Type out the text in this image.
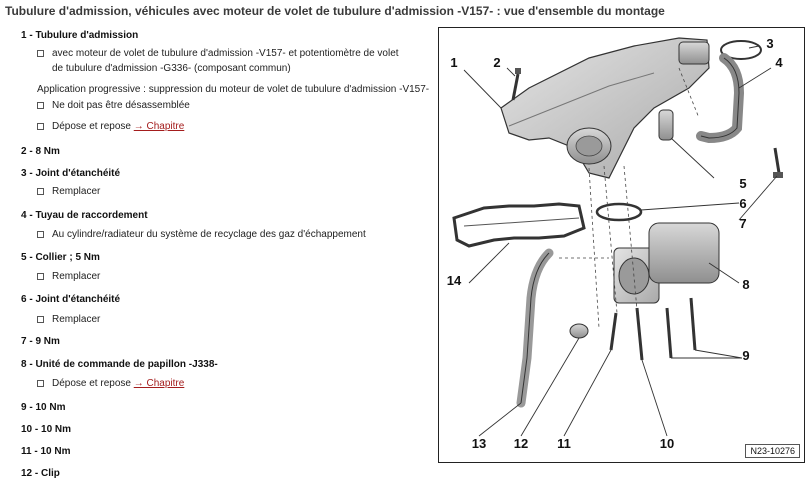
Tubulure d'admission, véhicules avec moteur de volet de tubulure d'admission -V157- : vue d'ensemble du montage
1 - Tubulure d'admission
avec moteur de volet de tubulure d'admission -V157- et potentiomètre de volet de tubulure d'admission -G336- (composant commun)
Application progressive : suppression du moteur de volet de tubulure d'admission -V157-
Ne doit pas être désassemblée
Dépose et repose → Chapitre
2 - 8 Nm
3 - Joint d'étanchéité
Remplacer
4 - Tuyau de raccordement
Au cylindre/radiateur du système de recyclage des gaz d'échappement
5 - Collier ; 5 Nm
Remplacer
6 - Joint d'étanchéité
Remplacer
7 - 9 Nm
8 - Unité de commande de papillon -J338-
Dépose et repose → Chapitre
9 - 10 Nm
10 - 10 Nm
11 - 10 Nm
12 - Clip
1	2
3
4
5
6
7
8
9
10
11
12
13
14
N23-10276
